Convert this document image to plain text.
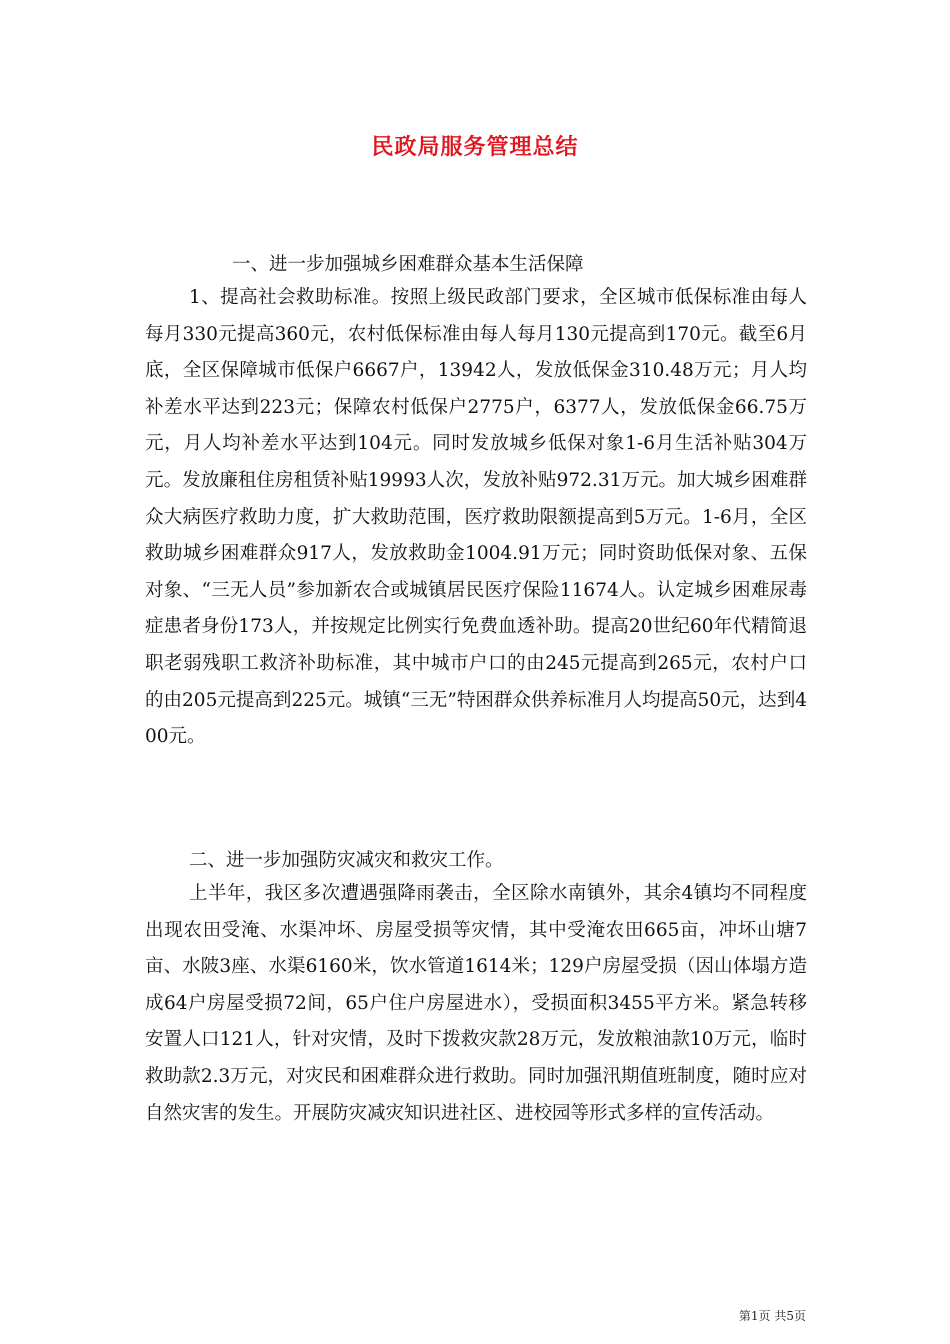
民政局服务管理总结
一、进一步加强城乡困难群众基本生活保障

1、提高社会救助标准。按照上级民政部门要求，全区城市低保标准由每人每月330元提高360元，农村低保标准由每人每月130元提高到170元。截至6月底，全区保障城市低保户6667户，13942人，发放低保金310.48万元；月人均补差水平达到223元；保障农村低保户2775户，6377人，发放低保金66.75万元，月人均补差水平达到104元。同时发放城乡低保对象1-6月生活补贴304万元。发放廉租住房租赁补贴19993人次，发放补贴972.31万元。加大城乡困难群众大病医疗救助力度，扩大救助范围，医疗救助限额提高到5万元。1-6月，全区救助城乡困难群众917人，发放救助金1004.91万元；同时资助低保对象、五保对象、“三无人员”参加新农合或城镇居民医疗保险11674人。认定城乡困难尿毒症患者身份173人，并按规定比例实行免费血透补助。提高20世纪60年代精简退职老弱残职工救济补助标准，其中城市户口的由245元提高到265元，农村户口的由205元提高到225元。城镇“三无”特困群众供养标准月人均提高50元，达到400元。

二、进一步加强防灾减灾和救灾工作。

上半年，我区多次遭遇强降雨袭击，全区除水南镇外，其余4镇均不同程度出现农田受淹、水渠冲坏、房屋受损等灾情，其中受淹农田665亩，冲坏山塘7亩、水陂3座、水渠6160米，饮水管道1614米；129户房屋受损（因山体塌方造成64户房屋受损72间，65户住户房屋进水），受损面积3455平方米。紧急转移安置人口121人，针对灾情，及时下拨救灾款28万元，发放粮油款10万元，临时救助款2.3万元，对灾民和困难群众进行救助。同时加强汛期值班制度，随时应对自然灾害的发生。开展防灾减灾知识进社区、进校园等形式多样的宣传活动。

第1页 共5页
